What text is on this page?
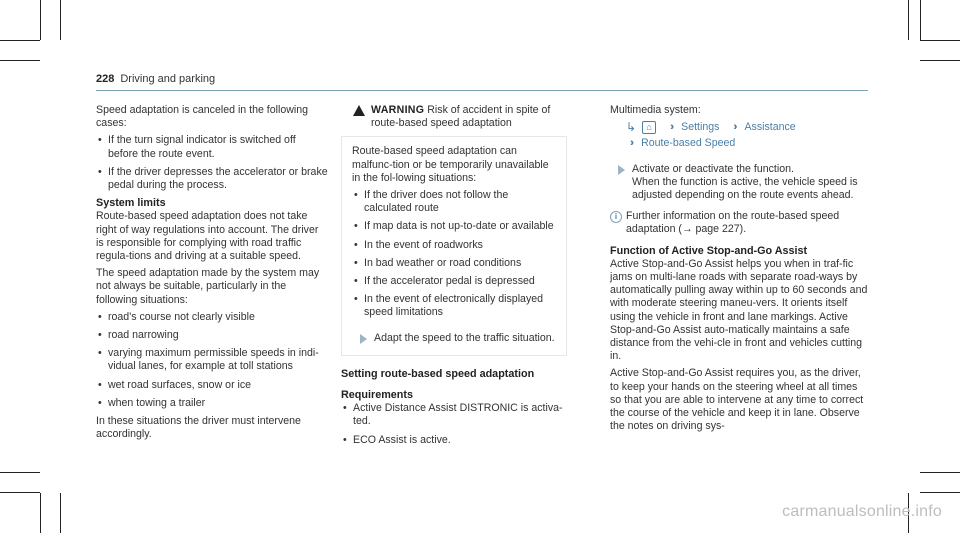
228 Driving and parking

Speed adaptation is canceled in the following cases:

• If the turn signal indicator is switched off before the route event.
• If the driver depresses the accelerator or brake pedal during the process.
System limits

Route-based speed adaptation does not take right of way regulations into account. The driver is responsible for complying with road traffic regula-tions and driving at a suitable speed.

The speed adaptation made by the system may not always be suitable, particularly in the following situations:

• road's course not clearly visible
• road narrowing
• varying maximum permissible speeds in indi-vidual lanes, for example at toll stations
• wet road surfaces, snow or ice
• when towing a trailer

In these situations the driver must intervene accordingly.

WARNING Risk of accident in spite of route-based speed adaptation

Route-based speed adaptation can malfunc-tion or be temporarily unavailable in the fol-lowing situations:

• If the driver does not follow the calculated route
• If map data is not up-to-date or available
• In the event of roadworks
• In bad weather or road conditions
• If the accelerator pedal is depressed
• In the event of electronically displayed speed limitations
Adapt the speed to the traffic situation.
Setting route-based speed adaptation
Requirements
• Active Distance Assist DISTRONIC is activa-ted.
• ECO Assist is active.

Multimedia system:

↳	⌂	›› Settings ›› Assistance
›› Route-based Speed
Activate or deactivate the function.
When the function is active, the vehicle speed is adjusted depending on the route events ahead.
i Further information on the route-based speed adaptation (→ page 227).
Function of Active Stop-and-Go Assist

Active Stop-and-Go Assist helps you when in traf-fic jams on multi-lane roads with separate road-ways by automatically pulling away within up to 60 seconds and with moderate steering maneu-vers. It orients itself using the vehicle in front and lane markings. Active Stop-and-Go Assist auto-matically maintains a safe distance from the vehi-cle in front and vehicles cutting in.

Active Stop-and-Go Assist requires you, as the driver, to keep your hands on the steering wheel at all times so that you are able to intervene at any time to correct the course of the vehicle and keep it in lane. Observe the notes on driving sys-

carmanualsonline.info
